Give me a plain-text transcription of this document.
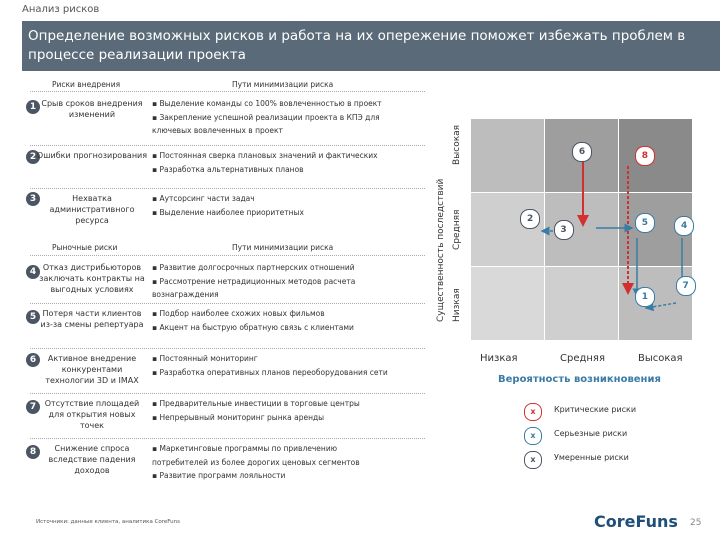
Анализ рисков
Определение возможных рисков и работа на их опережение поможет избежать проблем в процессе реализации проекта
Риски внедрения	Пути минимизации риска
Рыночные риски	Пути минимизации риска
1 Срыв сроков внедрения изменений
▪ Выделение команды со 100% вовлеченностью в проект
▪ Закрепление успешной реализации проекта в КПЭ для
ключевых вовлеченных в проект
2 Ошибки прогнозирования ▪ Постоянная сверка плановых значений и фактических
▪ Разработка альтернативных планов
3	Нехватка административного ресурса
▪ Аутсорсинг части задач
▪ Выделение наиболее приоритетных
4 Отказ дистрибьюторов заключать контракты на выгодных условиях
▪ Развитие долгосрочных партнерских отношений
▪ Рассмотрение нетрадиционных методов расчета
вознаграждения
5 Потеря части клиентов из-за смены репертуара
▪ Подбор наиболее схожих новых фильмов
▪ Акцент на быструю обратную связь с клиентами
6	Активное внедрение конкурентами технологии 3D и IMAX
▪ Постоянный мониторинг
▪ Разработка оперативных планов переоборудования сети
7	Отсутствие площадей для открытия новых точек
▪ Предварительные инвестиции в торговые центры
▪ Непрерывный мониторинг рынка аренды
8	Снижение спроса вследствие падения доходов
▪ Маркетинговые программы по привлечению
потребителей из более дорогих ценовых сегментов
▪ Развитие программ лояльности
Существенность последствий
Высокая
Средняя
Низкая
6	8
2
3
5	4
1
7
Низкая	Средняя	Высокая
Вероятность возникновения
x	Критические риски
x	Серьезные риски
x	Умеренные риски
Источники: данные клиента, аналитика CoreFuns	CoreFuns 25
